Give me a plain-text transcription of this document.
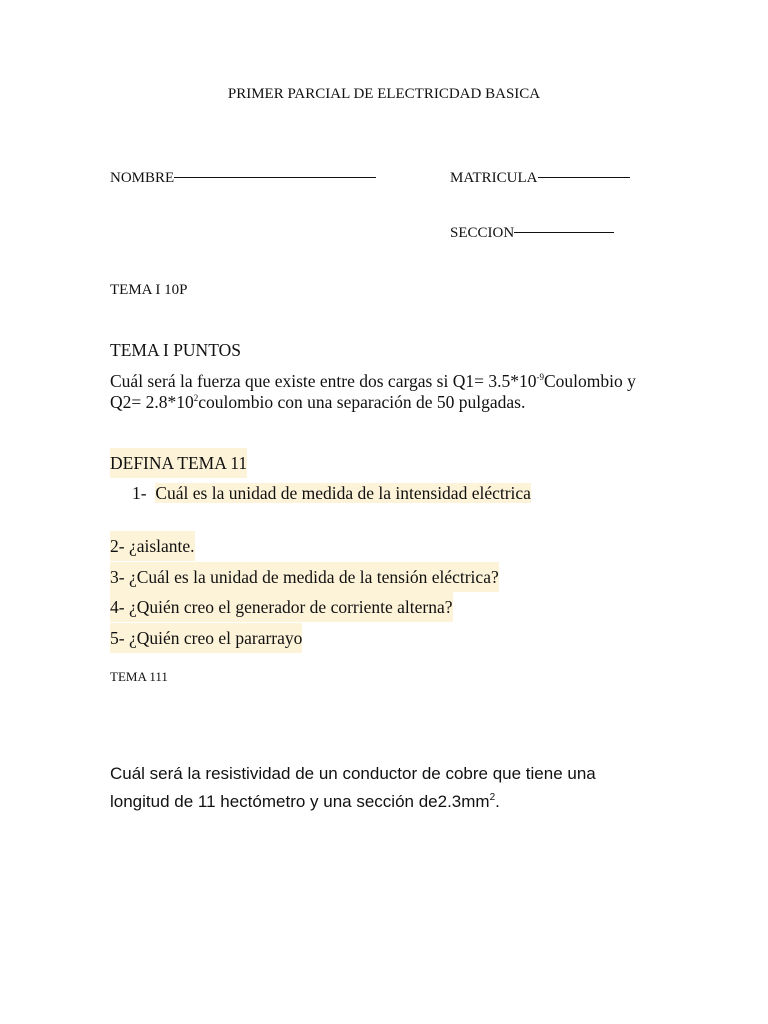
PRIMER PARCIAL DE ELECTRICDAD BASICA
NOMBRE	MATRICULA
SECCION
TEMA I 10P
TEMA I PUNTOS
Cuál será la fuerza que existe entre dos cargas si $Q1= 3.5*10^{-9}Coulombio$ y
$Q2= 2.8*10^2coulombio$ con una separación de 50 pulgadas.
DEFINA TEMA 11
1- Cuál es la unidad de medida de la intensidad eléctrica
2- ¿aislante.
3- ¿Cuál es la unidad de medida de la tensión eléctrica?
4- ¿Quién creo el generador de corriente alterna?
5- ¿Quién creo el pararrayo
TEMA 111
Cuál será la resistividad de un conductor de cobre que tiene una
longitud de 11 hectómetro y una sección $de2.3mm^2$.
